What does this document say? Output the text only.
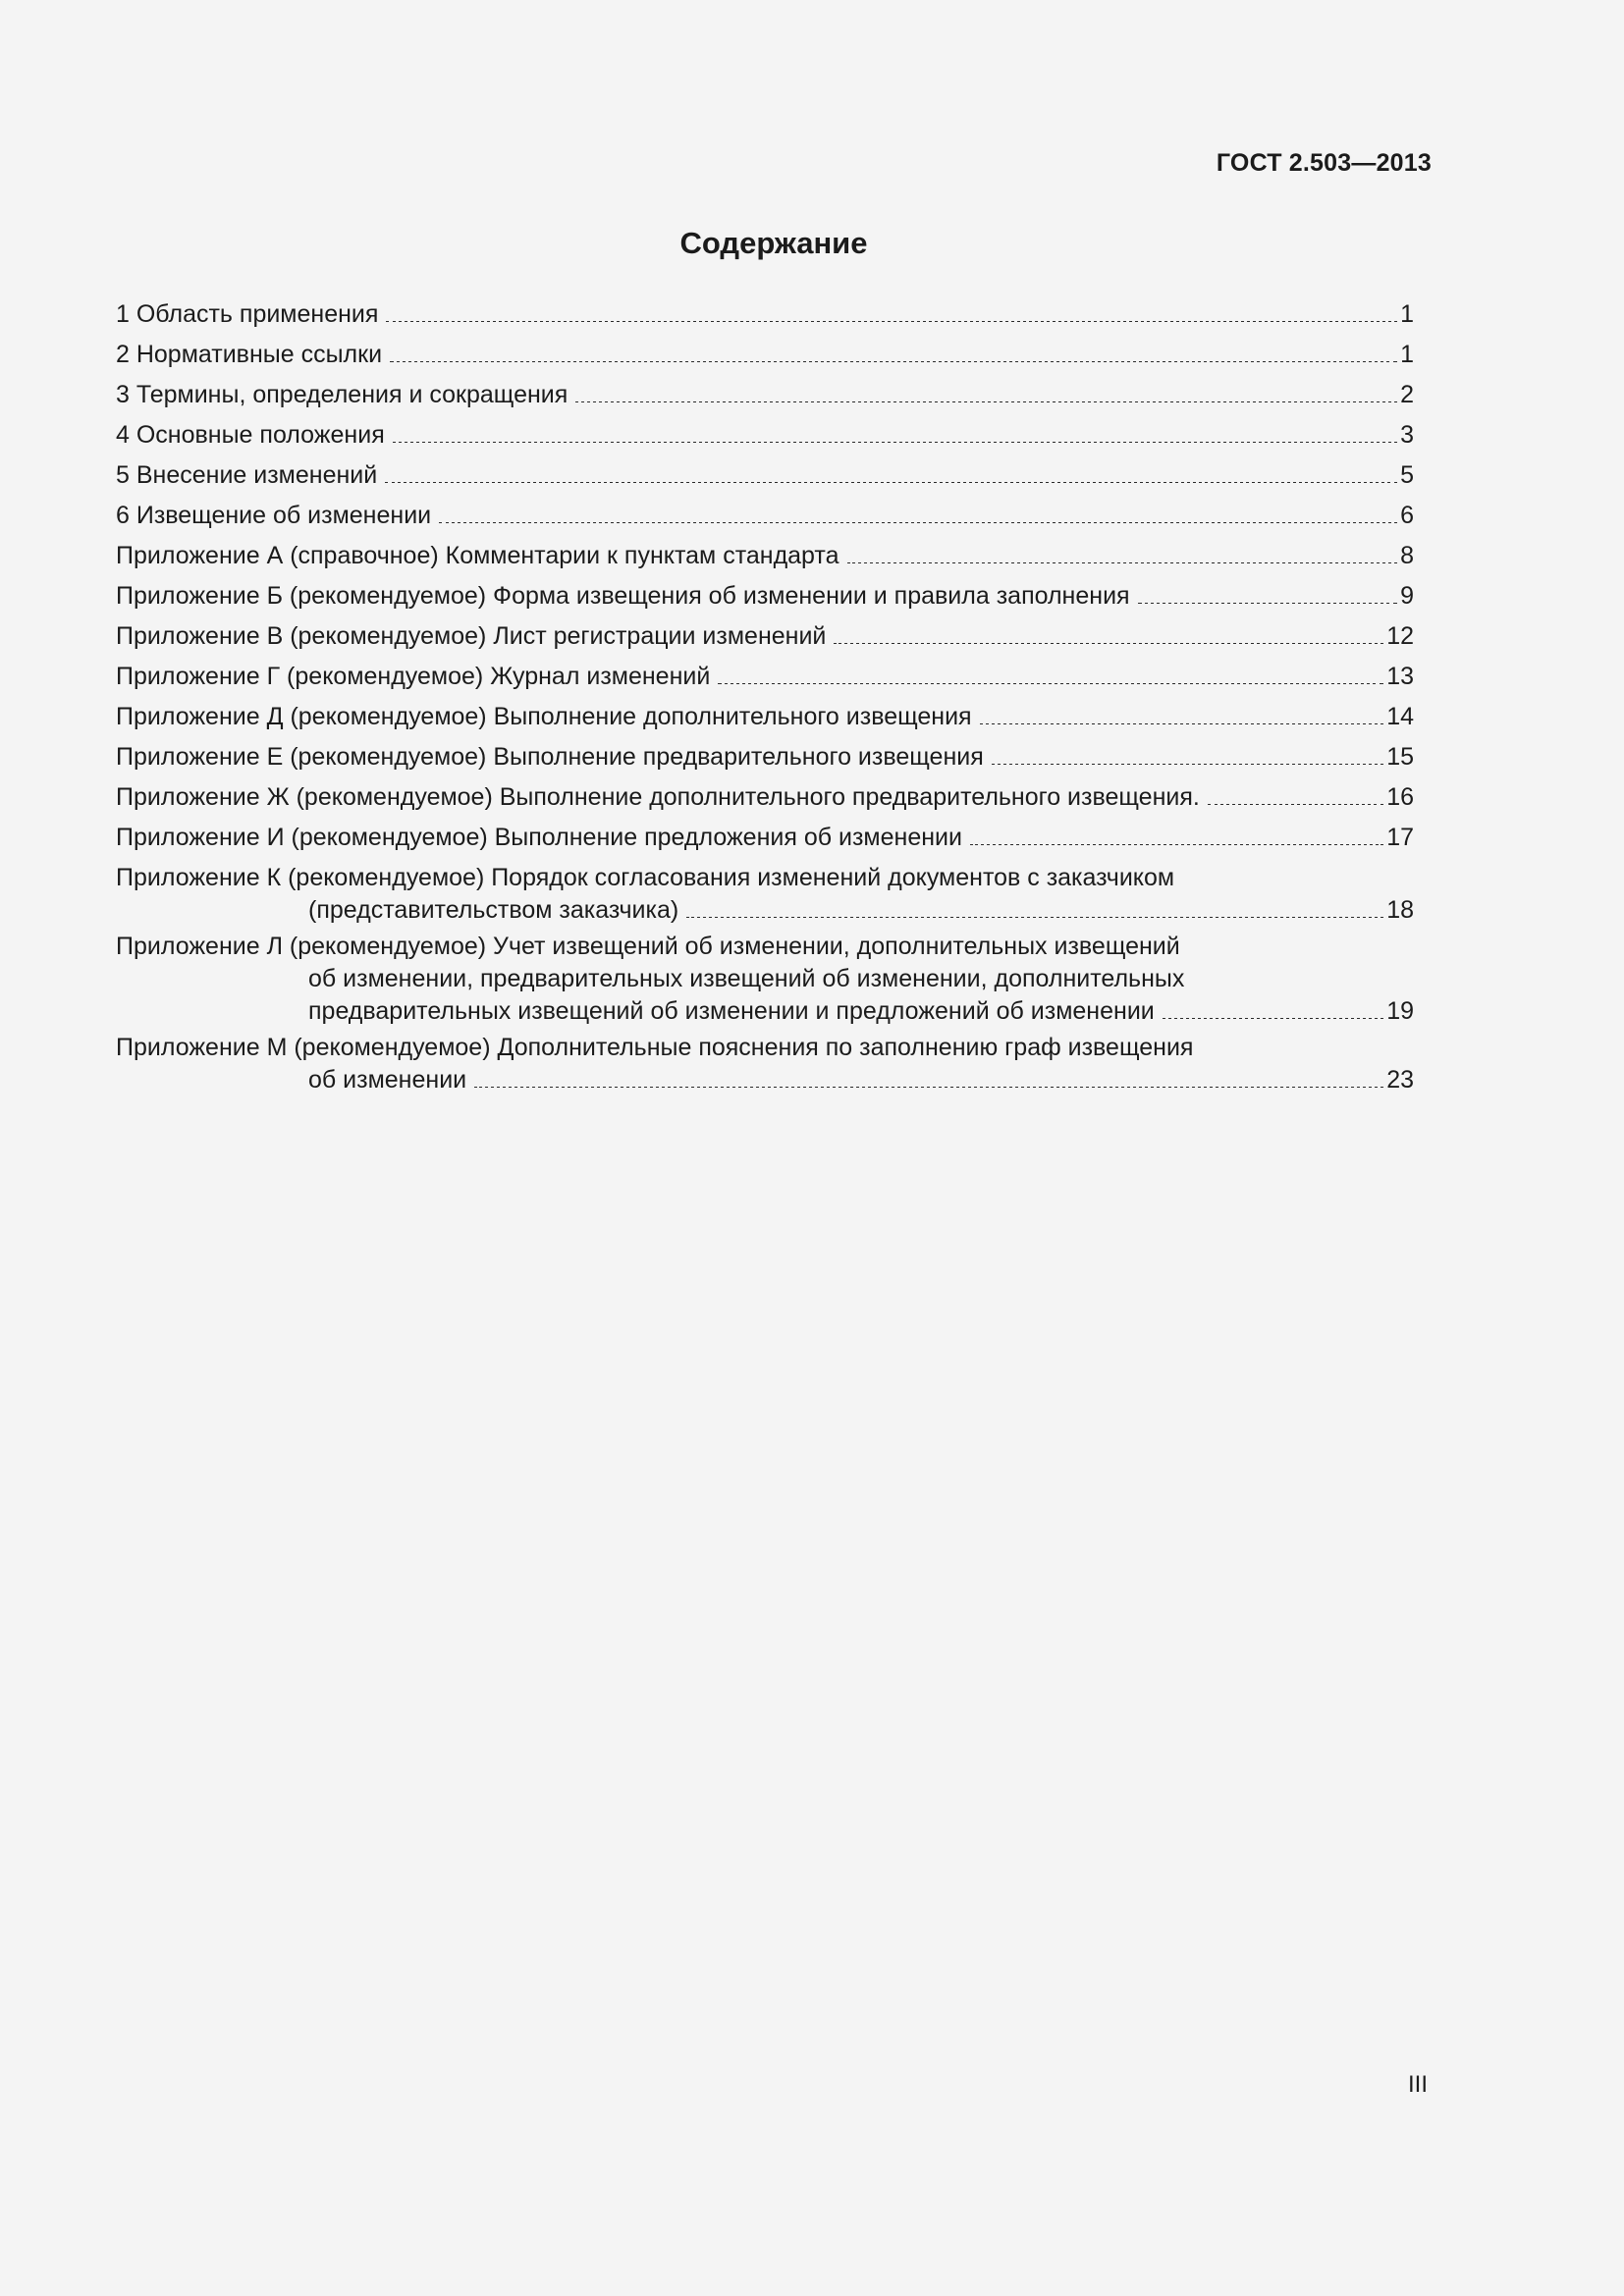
ГОСТ 2.503—2013
Содержание
1 Область применения	1
2 Нормативные ссылки	1
3 Термины, определения и сокращения	2
4 Основные положения	3
5 Внесение изменений	5
6 Извещение об изменении	6
Приложение А (справочное) Комментарии к пунктам стандарта	8
Приложение Б (рекомендуемое) Форма извещения об изменении и правила заполнения	9
Приложение В (рекомендуемое) Лист регистрации изменений	12
Приложение Г (рекомендуемое) Журнал изменений	13
Приложение Д (рекомендуемое) Выполнение дополнительного извещения	14
Приложение Е (рекомендуемое) Выполнение предварительного извещения	15
Приложение Ж (рекомендуемое) Выполнение дополнительного предварительного извещения.	16
Приложение И (рекомендуемое) Выполнение предложения об изменении	17
Приложение К (рекомендуемое) Порядок согласования изменений документов с заказчиком
(представительством заказчика)	18
Приложение Л (рекомендуемое) Учет извещений об изменении, дополнительных извещений
об изменении, предварительных извещений об изменении, дополнительных
предварительных извещений об изменении и предложений об изменении	19
Приложение М (рекомендуемое) Дополнительные пояснения по заполнению граф извещения
об изменении	23
III
